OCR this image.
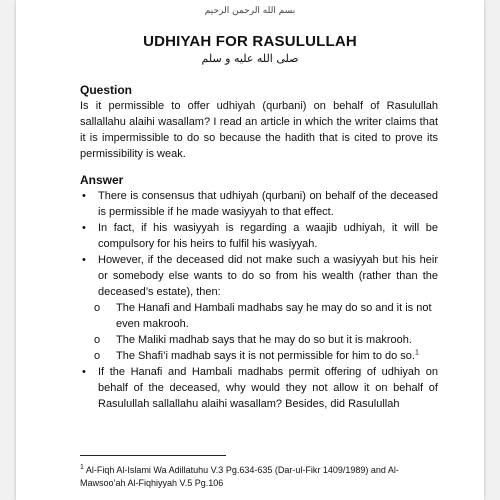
بسم الله الرحمن الرحيم
UDHIYAH FOR RASULULLAH
صلى الله عليه و سلم

Question

Is it permissible to offer udhiyah (qurbani) on behalf of Rasulullah sallallahu alaihi wasallam? I read an article in which the writer claims that it is impermissible to do so because the hadith that is cited to prove its permissibility is weak.

Answer

• There is consensus that udhiyah (qurbani) on behalf of the deceased is permissible if he made wasiyyah to that effect.
• In fact, if his wasiyyah is regarding a waajib udhiyah, it will be compulsory for his heirs to fulfil his wasiyyah.
• However, if the deceased did not make such a wasiyyah but his heir or somebody else wants to do so from his wealth (rather than the deceased’s estate), then:
o The Hanafi and Hambali madhabs say he may do so and it is not even makrooh.
o The Maliki madhab says that he may do so but it is makrooh.
o The Shafi’i madhab says it is not permissible for him to do so.$^1$
• If the Hanafi and Hambali madhabs permit offering of udhiyah on behalf of the deceased, why would they not allow it on behalf of Rasulullah sallallahu alaihi wasallam? Besides, did Rasulullah
$^1$ Al-Fiqh Al-Islami Wa Adillatuhu V.3 Pg.634-635 (Dar-ul-Fikr 1409/1989) and Al-Mawsoo’ah Al-Fiqhiyyah V.5 Pg.106
